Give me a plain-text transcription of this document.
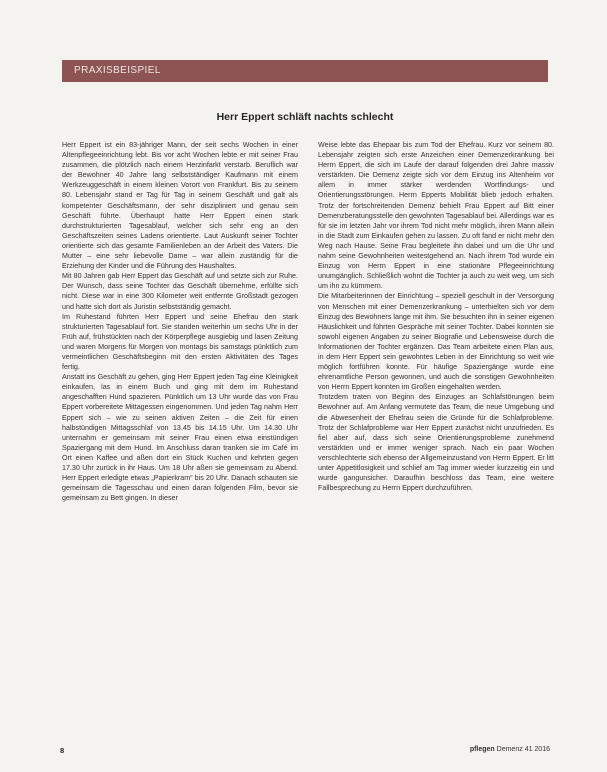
PRAXISBEISPIEL
Herr Eppert schläft nachts schlecht

Herr Eppert ist ein 83-jähriger Mann, der seit sechs Wochen in einer Altenpflegeeinrichtung lebt. Bis vor acht Wochen lebte er mit seiner Frau zusammen, die plötzlich nach einem Herzinfarkt verstarb. Beruflich war der Bewohner 40 Jahre lang selbstständiger Kaufmann mit einem Werkzeuggeschäft in einem kleinen Vorort von Frankfurt. Bis zu seinem 80. Lebensjahr stand er Tag für Tag in seinem Geschäft und galt als kompetenter Geschäftsmann, der sehr diszipliniert und genau sein Geschäft führte. Überhaupt hatte Herr Eppert einen stark durchstrukturierten Tagesablauf, welcher sich sehr eng an den Geschäftszeiten seines Ladens orientierte. Laut Auskunft seiner Tochter orientierte sich das gesamte Familienleben an der Arbeit des Vaters. Die Mutter – eine sehr liebevolle Dame – war allein zuständig für die Erziehung der Kinder und die Führung des Haushaltes.

Mit 80 Jahren gab Herr Eppert das Geschäft auf und setzte sich zur Ruhe. Der Wunsch, dass seine Tochter das Geschäft übernehme, erfüllte sich nicht. Diese war in eine 300 Kilometer weit entfernte Großstadt gezogen und hatte sich dort als Juristin selbstständig gemacht.

Im Ruhestand führten Herr Eppert und seine Ehefrau den stark strukturierten Tagesablauf fort. Sie standen weiterhin um sechs Uhr in der Früh auf, frühstückten nach der Körperpflege ausgiebig und lasen Zeitung und waren Morgens für Morgen von montags bis samstags pünktlich zum vermeintlichen Geschäftsbeginn mit den ersten Aktivitäten des Tages fertig.

Anstatt ins Geschäft zu gehen, ging Herr Eppert jeden Tag eine Kleinigkeit einkaufen, las in einem Buch und ging mit dem im Ruhestand angeschafften Hund spazieren. Pünktlich um 13 Uhr wurde das von Frau Eppert vorbereitete Mittagessen eingenommen. Und jeden Tag nahm Herr Eppert sich – wie zu seinen aktiven Zeiten – die Zeit für einen halbstündigen Mittagsschlaf von 13.45 bis 14.15 Uhr. Um 14.30 Uhr unternahm er gemeinsam mit seiner Frau einen etwa einstündigen Spaziergang mit dem Hund. Im Anschluss daran tranken sie im Café im Ort einen Kaffee und aßen dort ein Stück Kuchen und kehrten gegen 17.30 Uhr zurück in ihr Haus. Um 18 Uhr aßen sie gemeinsam zu Abend. Herr Eppert erledigte etwas „Papierkram“ bis 20 Uhr. Danach schauten sie gemeinsam die Tagesschau und einen daran folgenden Film, bevor sie gemeinsam zu Bett gingen. In dieser

Weise lebte das Ehepaar bis zum Tod der Ehefrau. Kurz vor seinem 80. Lebensjahr zeigten sich erste Anzeichen einer Demenzerkrankung bei Herrn Eppert, die sich im Laufe der darauf folgenden drei Jahre massiv verstärkten. Die Demenz zeigte sich vor dem Einzug ins Altenheim vor allem in immer stärker werdenden Wortfindungs- und Orientierungsstörungen. Herrn Epperts Mobilität blieb jedoch erhalten. Trotz der fortschreitenden Demenz behielt Frau Eppert auf Bitt einer Demenzberatungsstelle den gewohnten Tagesablauf bei. Allerdings war es für sie im letzten Jahr vor ihrem Tod nicht mehr möglich, ihren Mann allein in die Stadt zum Einkaufen gehen zu lassen. Zu oft fand er nicht mehr den Weg nach Hause. Seine Frau begleitete ihn dabei und um die Uhr und nahm seine Gewohnheiten weitestgehend an. Nach ihrem Tod wurde ein Einzug von Herrn Eppert in eine stationäre Pflegeeinrichtung unumgänglich. Schließlich wohnt die Tochter ja auch zu weit weg, um sich um ihn zu kümmern.

Die Mitarbeiterinnen der Einrichtung – speziell geschult in der Versorgung von Menschen mit einer Demenzerkrankung – unterhielten sich vor dem Einzug des Bewohners lange mit ihm. Sie besuchten ihn in seiner eigenen Häuslichkeit und führten Gespräche mit seiner Tochter. Dabei konnten sie sowohl eigenen Angaben zu seiner Biografie und Lebensweise durch die Informationen der Tochter ergänzen. Das Team arbeitete einen Plan aus, in dem Herr Eppert sein gewohntes Leben in der Einrichtung so weit wie möglich fortführen konnte. Für häufige Spaziergänge wurde eine ehrenamtliche Person gewonnen, und auch die sonstigen Gewohnheiten von Herrn Eppert konnten im Großen eingehalten werden.

Trotzdem traten von Beginn des Einzuges an Schlafstörungen beim Bewohner auf. Am Anfang vermutete das Team, die neue Umgebung und die Abwesenheit der Ehefrau seien die Gründe für die Schlafprobleme. Trotz der Schlafprobleme war Herr Eppert zunächst nicht unzufrieden. Es fiel aber auf, dass sich seine Orientierungsprobleme zunehmend verstärkten und er immer weniger sprach. Nach ein paar Wochen verschlechterte sich ebenso der Allgemeinzustand von Herrn Eppert. Er litt unter Appetitlosigkeit und schlief am Tag immer wieder kurzzeitig ein und wurde gangunsicher. Daraufhin beschloss das Team, eine weitere Fallbesprechung zu Herrn Eppert durchzuführen.

8	pflegen Demenz 41 2016
